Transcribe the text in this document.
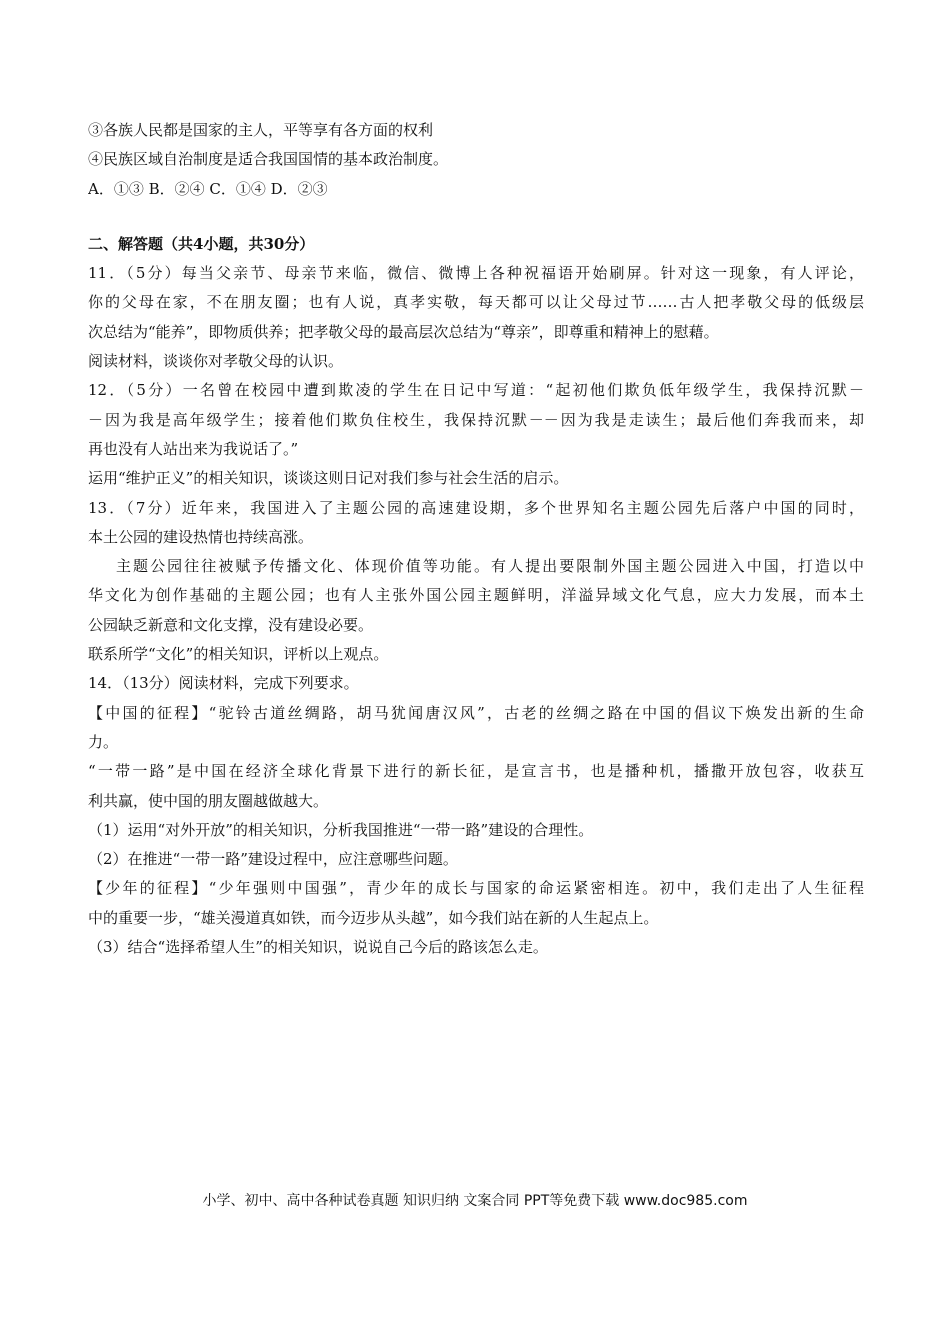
③各族人民都是国家的主人，平等享有各方面的权利
④民族区域自治制度是适合我国国情的基本政治制度。
A．①③ B．②④ C．①④ D．②③
二、解答题（共4小题，共30分）
11．（5分）每当父亲节、母亲节来临，微信、微博上各种祝福语开始刷屏。针对这一现象，有人评论，
你的父母在家，不在朋友圈；也有人说，真孝实敬，每天都可以让父母过节……古人把孝敬父母的低级层
次总结为“能养”，即物质供养；把孝敬父母的最高层次总结为“尊亲”，即尊重和精神上的慰藉。
阅读材料，谈谈你对孝敬父母的认识。
12．（5分）一名曾在校园中遭到欺凌的学生在日记中写道：“起初他们欺负低年级学生，我保持沉默－
－因为我是高年级学生；接着他们欺负住校生，我保持沉默－－因为我是走读生；最后他们奔我而来，却
再也没有人站出来为我说话了。”
运用“维护正义”的相关知识，谈谈这则日记对我们参与社会生活的启示。
13．（7分）近年来，我国进入了主题公园的高速建设期，多个世界知名主题公园先后落户中国的同时，
本土公园的建设热情也持续高涨。
主题公园往往被赋予传播文化、体现价值等功能。有人提出要限制外国主题公园进入中国，打造以中
华文化为创作基础的主题公园；也有人主张外国公园主题鲜明，洋溢异域文化气息，应大力发展，而本土
公园缺乏新意和文化支撑，没有建设必要。
联系所学“文化”的相关知识，评析以上观点。
14．（13分）阅读材料，完成下列要求。
【中国的征程】“驼铃古道丝绸路，胡马犹闻唐汉风”，古老的丝绸之路在中国的倡议下焕发出新的生命
力。
“一带一路”是中国在经济全球化背景下进行的新长征，是宣言书，也是播种机，播撒开放包容，收获互
利共赢，使中国的朋友圈越做越大。
（1）运用“对外开放”的相关知识，分析我国推进“一带一路”建设的合理性。
（2）在推进“一带一路”建设过程中，应注意哪些问题。
【少年的征程】“少年强则中国强”，青少年的成长与国家的命运紧密相连。初中，我们走出了人生征程
中的重要一步，“雄关漫道真如铁，而今迈步从头越”，如今我们站在新的人生起点上。
（3）结合“选择希望人生”的相关知识，说说自己今后的路该怎么走。
小学、初中、高中各种试卷真题 知识归纳 文案合同 PPT等免费下载 www.doc985.com
